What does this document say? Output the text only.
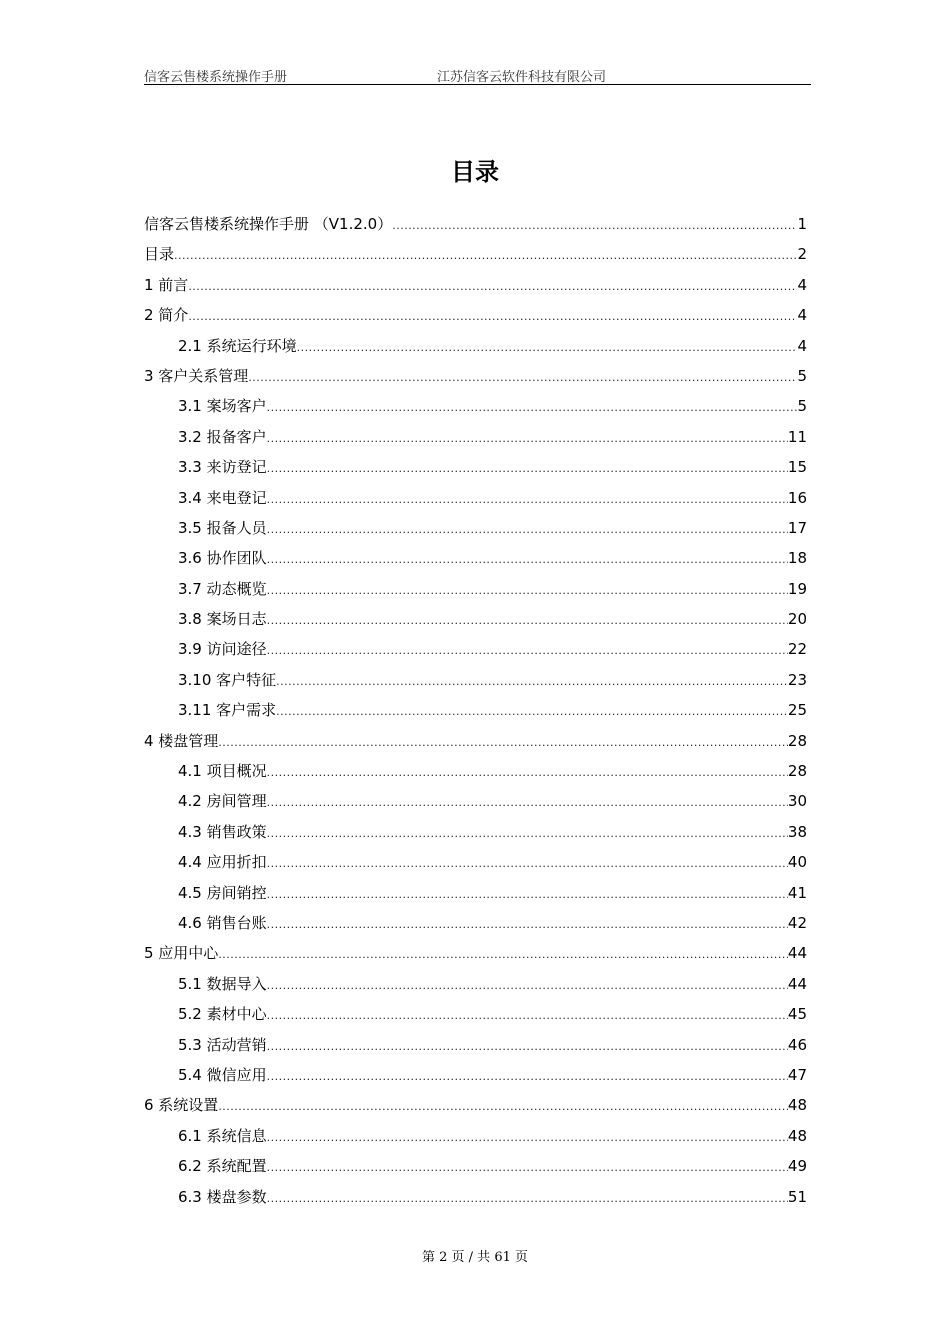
信客云售楼系统操作手册	江苏信客云软件科技有限公司
目录
信客云售楼系统操作手册 （V1.2.0） .....	1
目录 .....	2
1 前言 .....	4
2 简介 .....	4
2.1 系统运行环境 .....	4
3 客户关系管理 .....	5
3.1 案场客户 .....	5
3.2 报备客户 .....	11
3.3 来访登记 .....	15
3.4 来电登记 .....	16
3.5 报备人员 .....	17
3.6 协作团队 .....	18
3.7 动态概览 .....	19
3.8 案场日志 .....	20
3.9 访问途径 .....	22
3.10 客户特征 .....	23
3.11 客户需求 .....	25
4 楼盘管理 .....	28
4.1 项目概况 .....	28
4.2 房间管理 .....	30
4.3 销售政策 .....	38
4.4 应用折扣 .....	40
4.5 房间销控 .....	41
4.6 销售台账 .....	42
5 应用中心 .....	44
5.1 数据导入 .....	44
5.2 素材中心 .....	45
5.3 活动营销 .....	46
5.4 微信应用 .....	47
6 系统设置 .....	48
6.1 系统信息 .....	48
6.2 系统配置 .....	49
6.3 楼盘参数 .....	51
第 2 页 / 共 61 页
